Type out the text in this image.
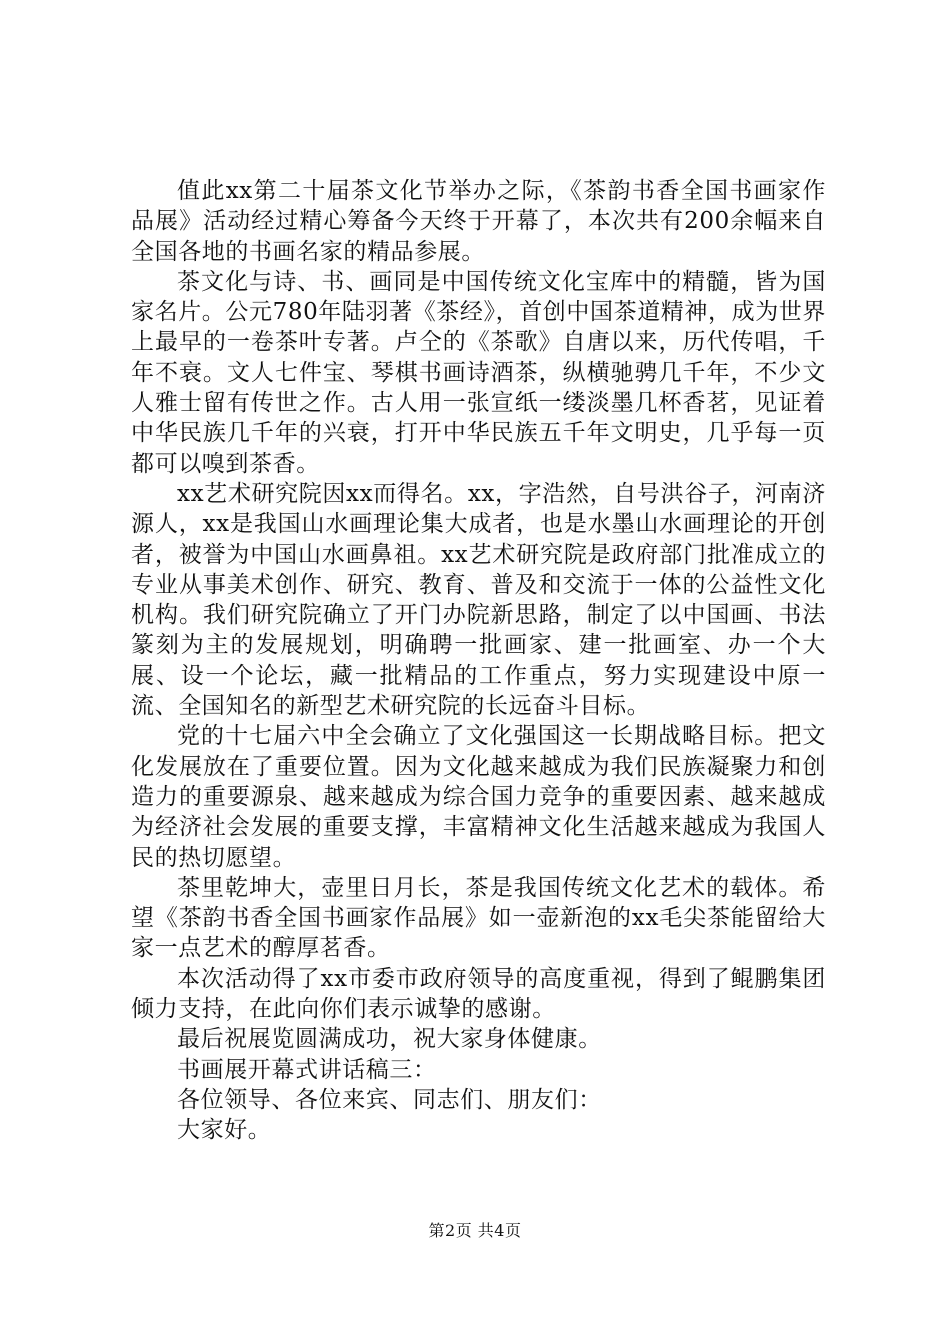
值此xx第二十届茶文化节举办之际，《茶韵书香全国书画家作品展》活动经过精心筹备今天终于开幕了，本次共有200余幅来自全国各地的书画名家的精品参展。

茶文化与诗、书、画同是中国传统文化宝库中的精髓，皆为国家名片。公元780年陆羽著《茶经》，首创中国茶道精神，成为世界上最早的一卷茶叶专著。卢仝的《茶歌》自唐以来，历代传唱，千年不衰。文人七件宝、琴棋书画诗酒茶，纵横驰骋几千年，不少文人雅士留有传世之作。古人用一张宣纸一缕淡墨几杯香茗，见证着中华民族几千年的兴衰，打开中华民族五千年文明史，几乎每一页都可以嗅到茶香。

xx艺术研究院因xx而得名。xx，字浩然，自号洪谷子，河南济源人，xx是我国山水画理论集大成者，也是水墨山水画理论的开创者，被誉为中国山水画鼻祖。xx艺术研究院是政府部门批准成立的专业从事美术创作、研究、教育、普及和交流于一体的公益性文化机构。我们研究院确立了开门办院新思路，制定了以中国画、书法篆刻为主的发展规划，明确聘一批画家、建一批画室、办一个大展、设一个论坛，藏一批精品的工作重点，努力实现建设中原一流、全国知名的新型艺术研究院的长远奋斗目标。

党的十七届六中全会确立了文化强国这一长期战略目标。把文化发展放在了重要位置。因为文化越来越成为我们民族凝聚力和创造力的重要源泉、越来越成为综合国力竞争的重要因素、越来越成为经济社会发展的重要支撑，丰富精神文化生活越来越成为我国人民的热切愿望。

茶里乾坤大，壶里日月长，茶是我国传统文化艺术的载体。希望《茶韵书香全国书画家作品展》如一壶新泡的xx毛尖茶能留给大家一点艺术的醇厚茗香。

本次活动得了xx市委市政府领导的高度重视，得到了鲲鹏集团倾力支持，在此向你们表示诚挚的感谢。

最后祝展览圆满成功，祝大家身体健康。

书画展开幕式讲话稿三：

各位领导、各位来宾、同志们、朋友们：

大家好。

第2页 共4页
